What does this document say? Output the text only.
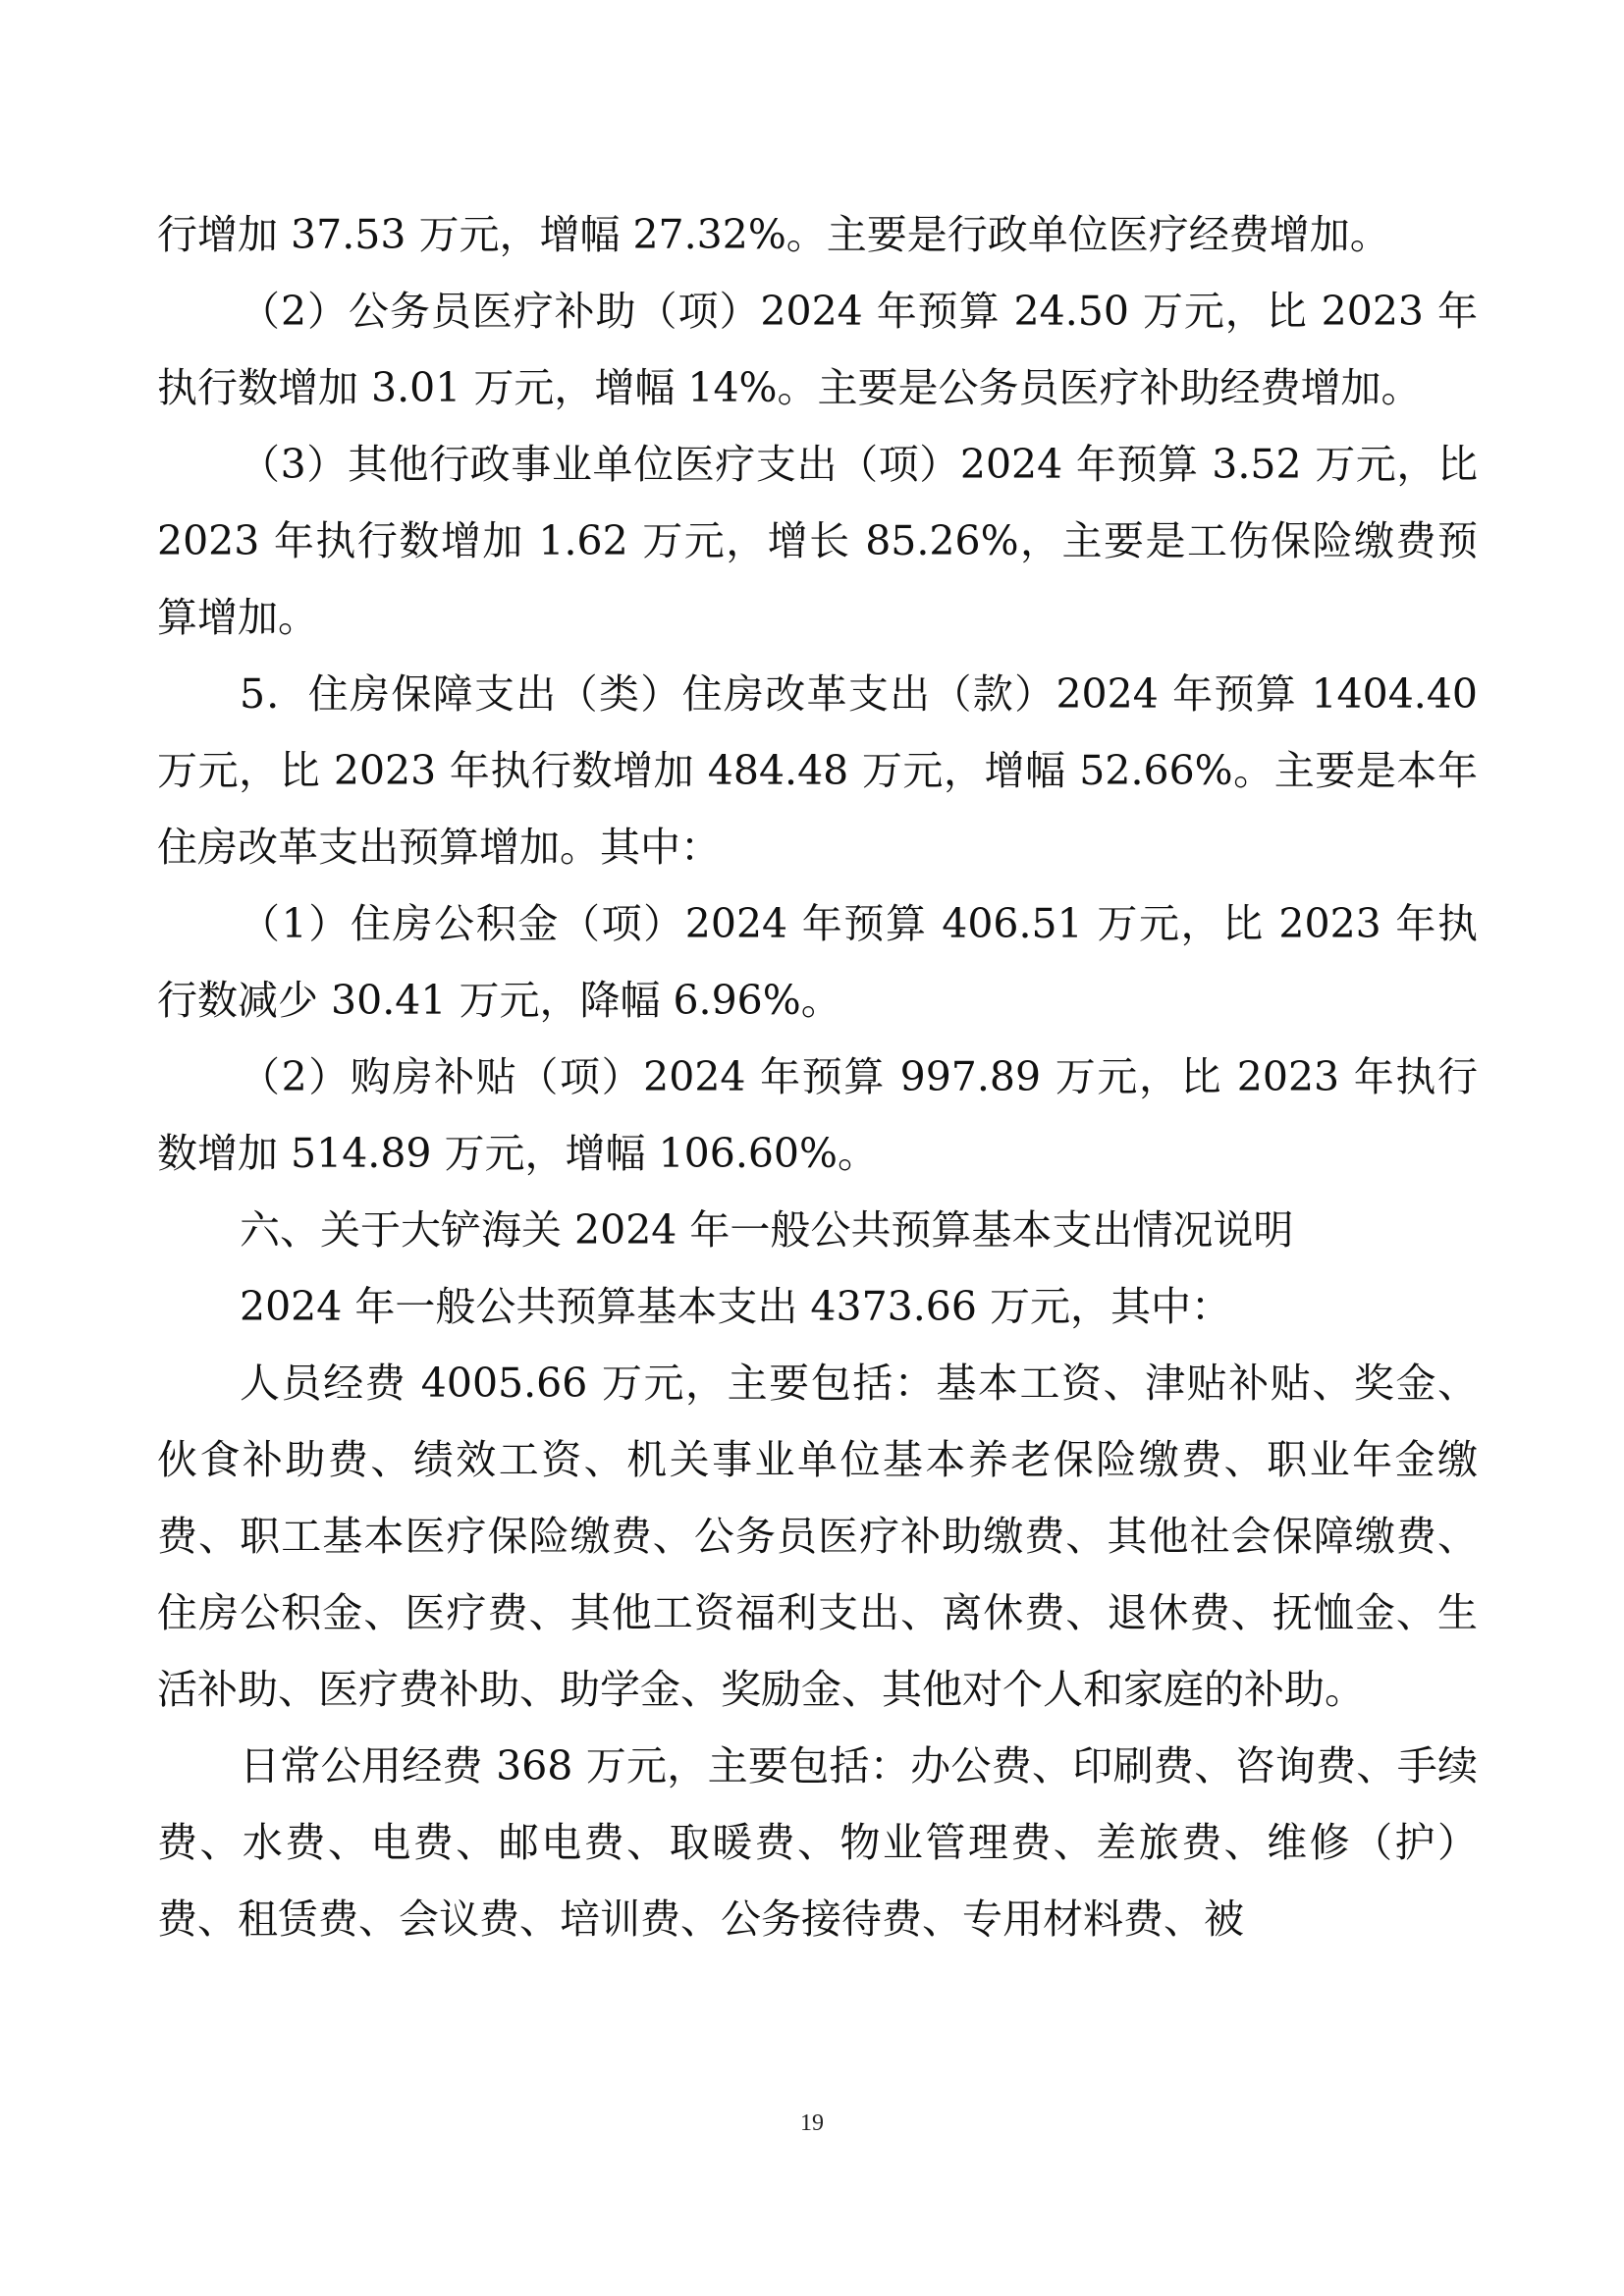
行增加 37.53 万元，增幅 27.32%。主要是行政单位医疗经费增加。

（2）公务员医疗补助（项）2024 年预算 24.50 万元，比 2023 年执行数增加 3.01 万元，增幅 14%。主要是公务员医疗补助经费增加。

（3）其他行政事业单位医疗支出（项）2024 年预算 3.52 万元，比 2023 年执行数增加 1.62 万元，增长 85.26%，主要是工伤保险缴费预算增加。

5．住房保障支出（类）住房改革支出（款）2024 年预算 1404.40 万元，比 2023 年执行数增加 484.48 万元，增幅 52.66%。主要是本年住房改革支出预算增加。其中：

（1）住房公积金（项）2024 年预算 406.51 万元，比 2023 年执行数减少 30.41 万元，降幅 6.96%。

（2）购房补贴（项）2024 年预算 997.89 万元，比 2023 年执行数增加 514.89 万元，增幅 106.60%。

六、关于大铲海关 2024 年一般公共预算基本支出情况说明

2024 年一般公共预算基本支出 4373.66 万元，其中：

人员经费 4005.66 万元，主要包括：基本工资、津贴补贴、奖金、伙食补助费、绩效工资、机关事业单位基本养老保险缴费、职业年金缴费、职工基本医疗保险缴费、公务员医疗补助缴费、其他社会保障缴费、住房公积金、医疗费、其他工资福利支出、离休费、退休费、抚恤金、生活补助、医疗费补助、助学金、奖励金、其他对个人和家庭的补助。

日常公用经费 368 万元，主要包括：办公费、印刷费、咨询费、手续费、水费、电费、邮电费、取暖费、物业管理费、差旅费、维修（护）费、租赁费、会议费、培训费、公务接待费、专用材料费、被

19
